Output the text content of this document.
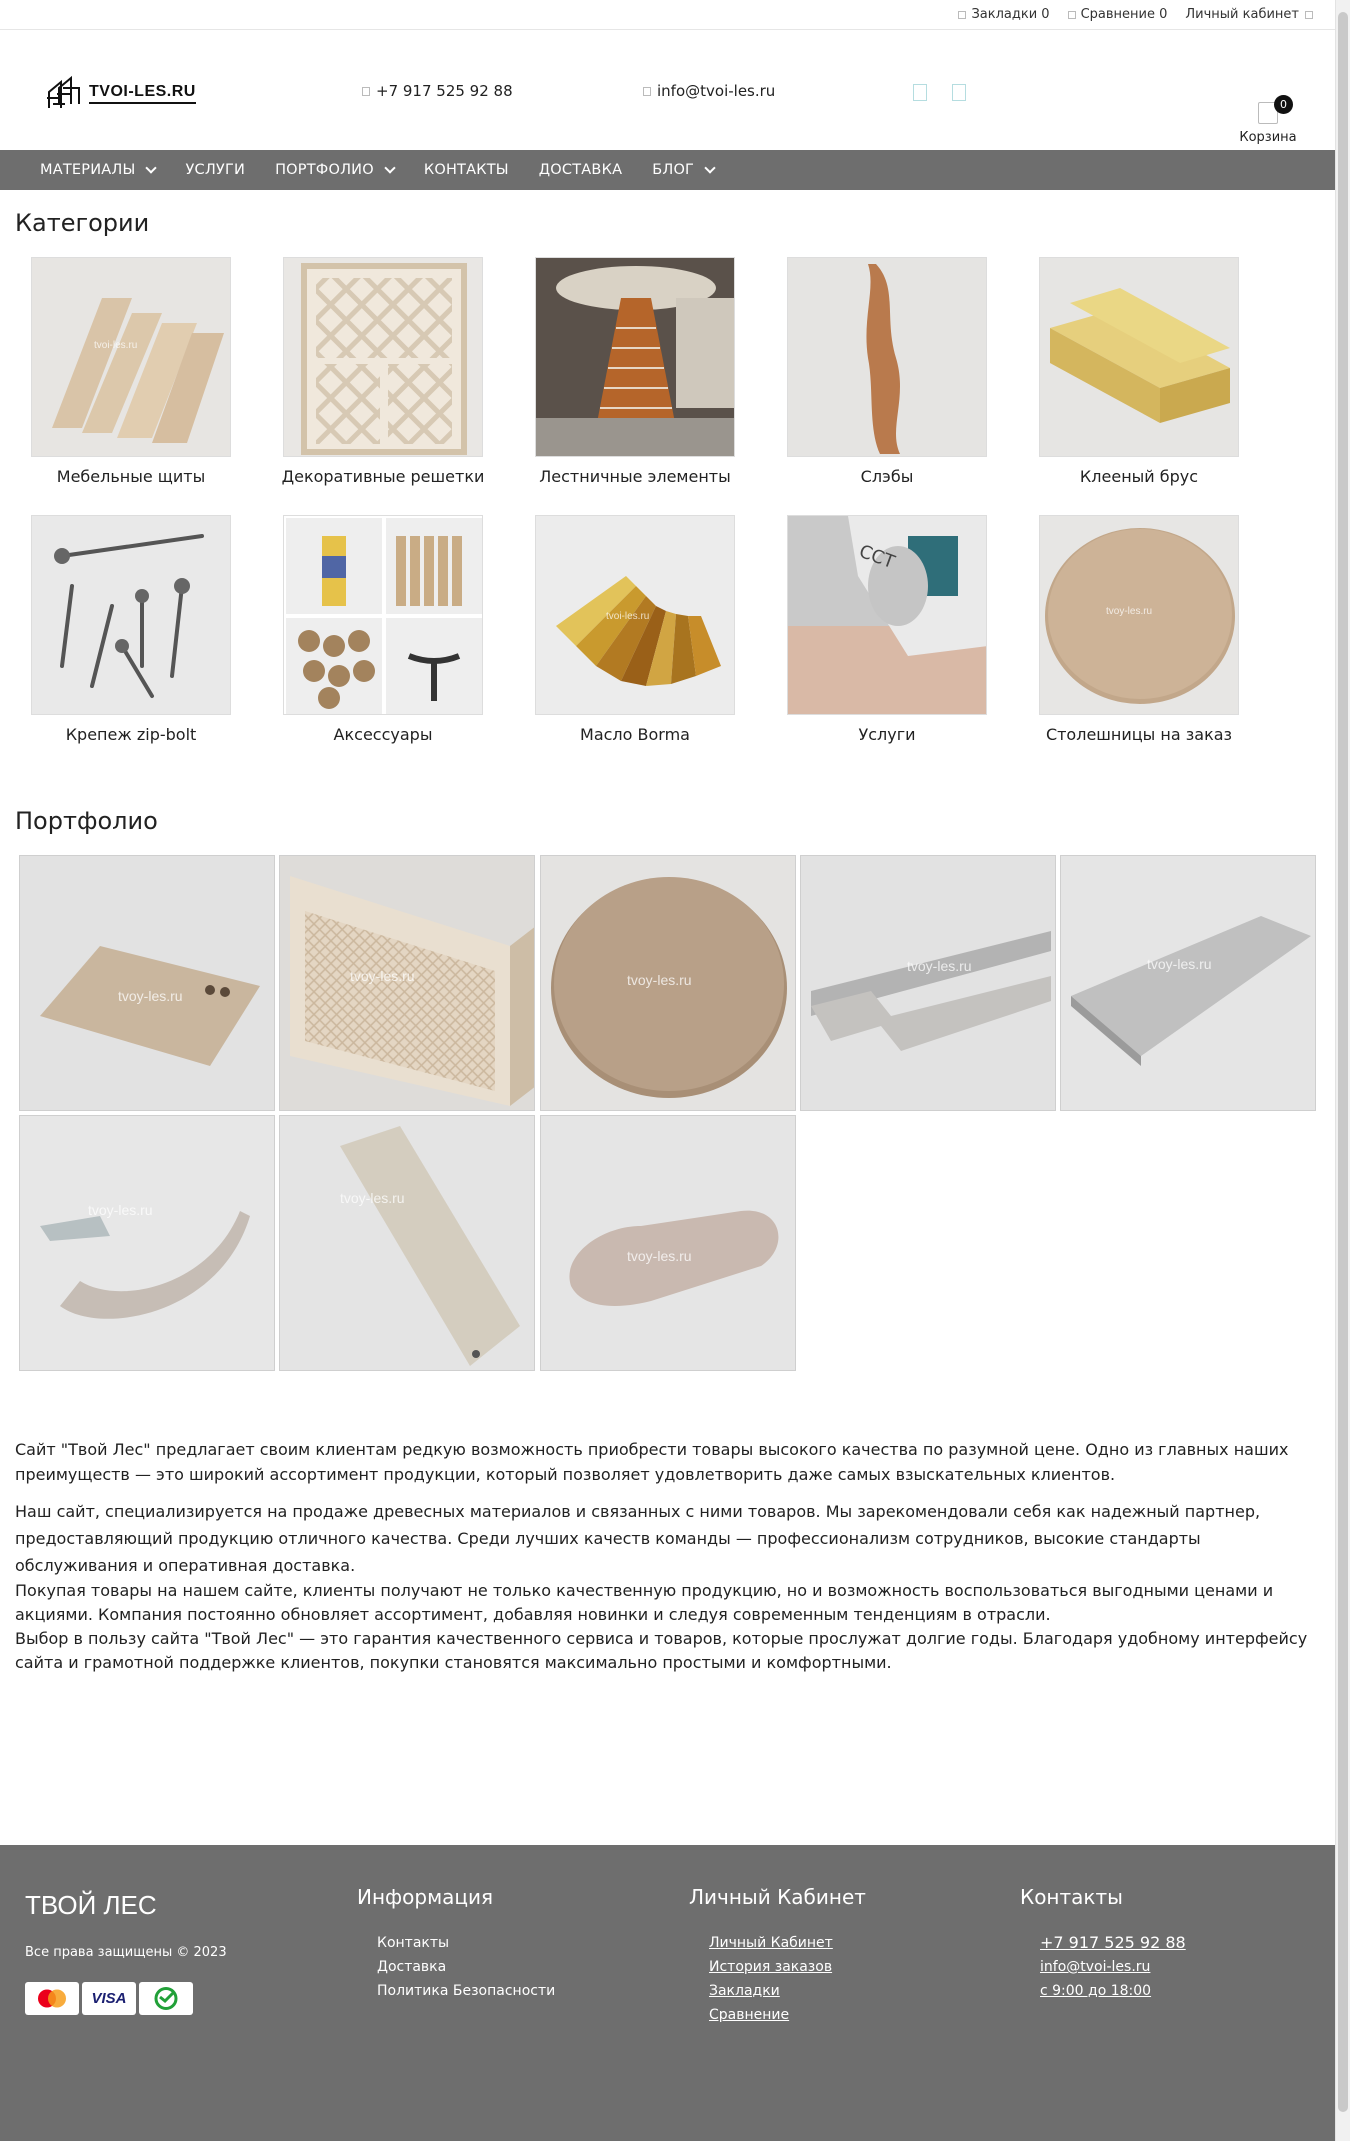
Закладки 0 Сравнение 0 Личный кабинет
TVOI-LES.RU	+7 917 525 92 88	info@tvoi-les.ru
0
Корзина
МАТЕРИАЛЫ	УСЛУГИ ПОРТФОЛИО	КОНТАКТЫ ДОСТАВКА БЛОГ
Категории
tvoi-les.ru
Мебельные щиты	Декоративные решетки	Лестничные элементы	Слэбы	Клееный брус
Крепеж zip-bolt	Аксессуары
tvoi-les.ru
Масло Borma
CCT
Услуги
tvoy-les.ru
Столешницы на заказ
Портфолио
tvoy-les.ru
tvoy-les.ru	tvoy-les.ru
tvoy-les.ru	tvoy-les.ru
tvoy-les.ru
tvoy-les.ru
tvoy-les.ru

Сайт "Твой Лес" предлагает своим клиентам редкую возможность приобрести товары высокого качества по разумной цене. Одно из главных наших преимуществ — это широкий ассортимент продукции, который позволяет удовлетворить даже самых взыскательных клиентов.

Наш сайт, специализируется на продаже древесных материалов и связанных с ними товаров. Мы зарекомендовали себя как надежный партнер, предоставляющий продукцию отличного качества. Среди лучших качеств команды — профессионализм сотрудников, высокие стандарты обслуживания и оперативная доставка.

Покупая товары на нашем сайте, клиенты получают не только качественную продукцию, но и возможность воспользоваться выгодными ценами и акциями. Компания постоянно обновляет ассортимент, добавляя новинки и следуя современным тенденциям в отрасли.

Выбор в пользу сайта "Твой Лес" — это гарантия качественного сервиса и товаров, которые прослужат долгие годы. Благодаря удобному интерфейсу сайта и грамотной поддержке клиентов, покупки становятся максимально простыми и комфортными.

ТВОЙ ЛЕС
Все права защищены © 2023
VISA
Информация
Контакты
Доставка
Политика Безопасности
Личный Кабинет
Личный Кабинет
История заказов
Закладки
Сравнение
Контакты
+7 917 525 92 88
info@tvoi-les.ru
с 9:00 до 18:00
